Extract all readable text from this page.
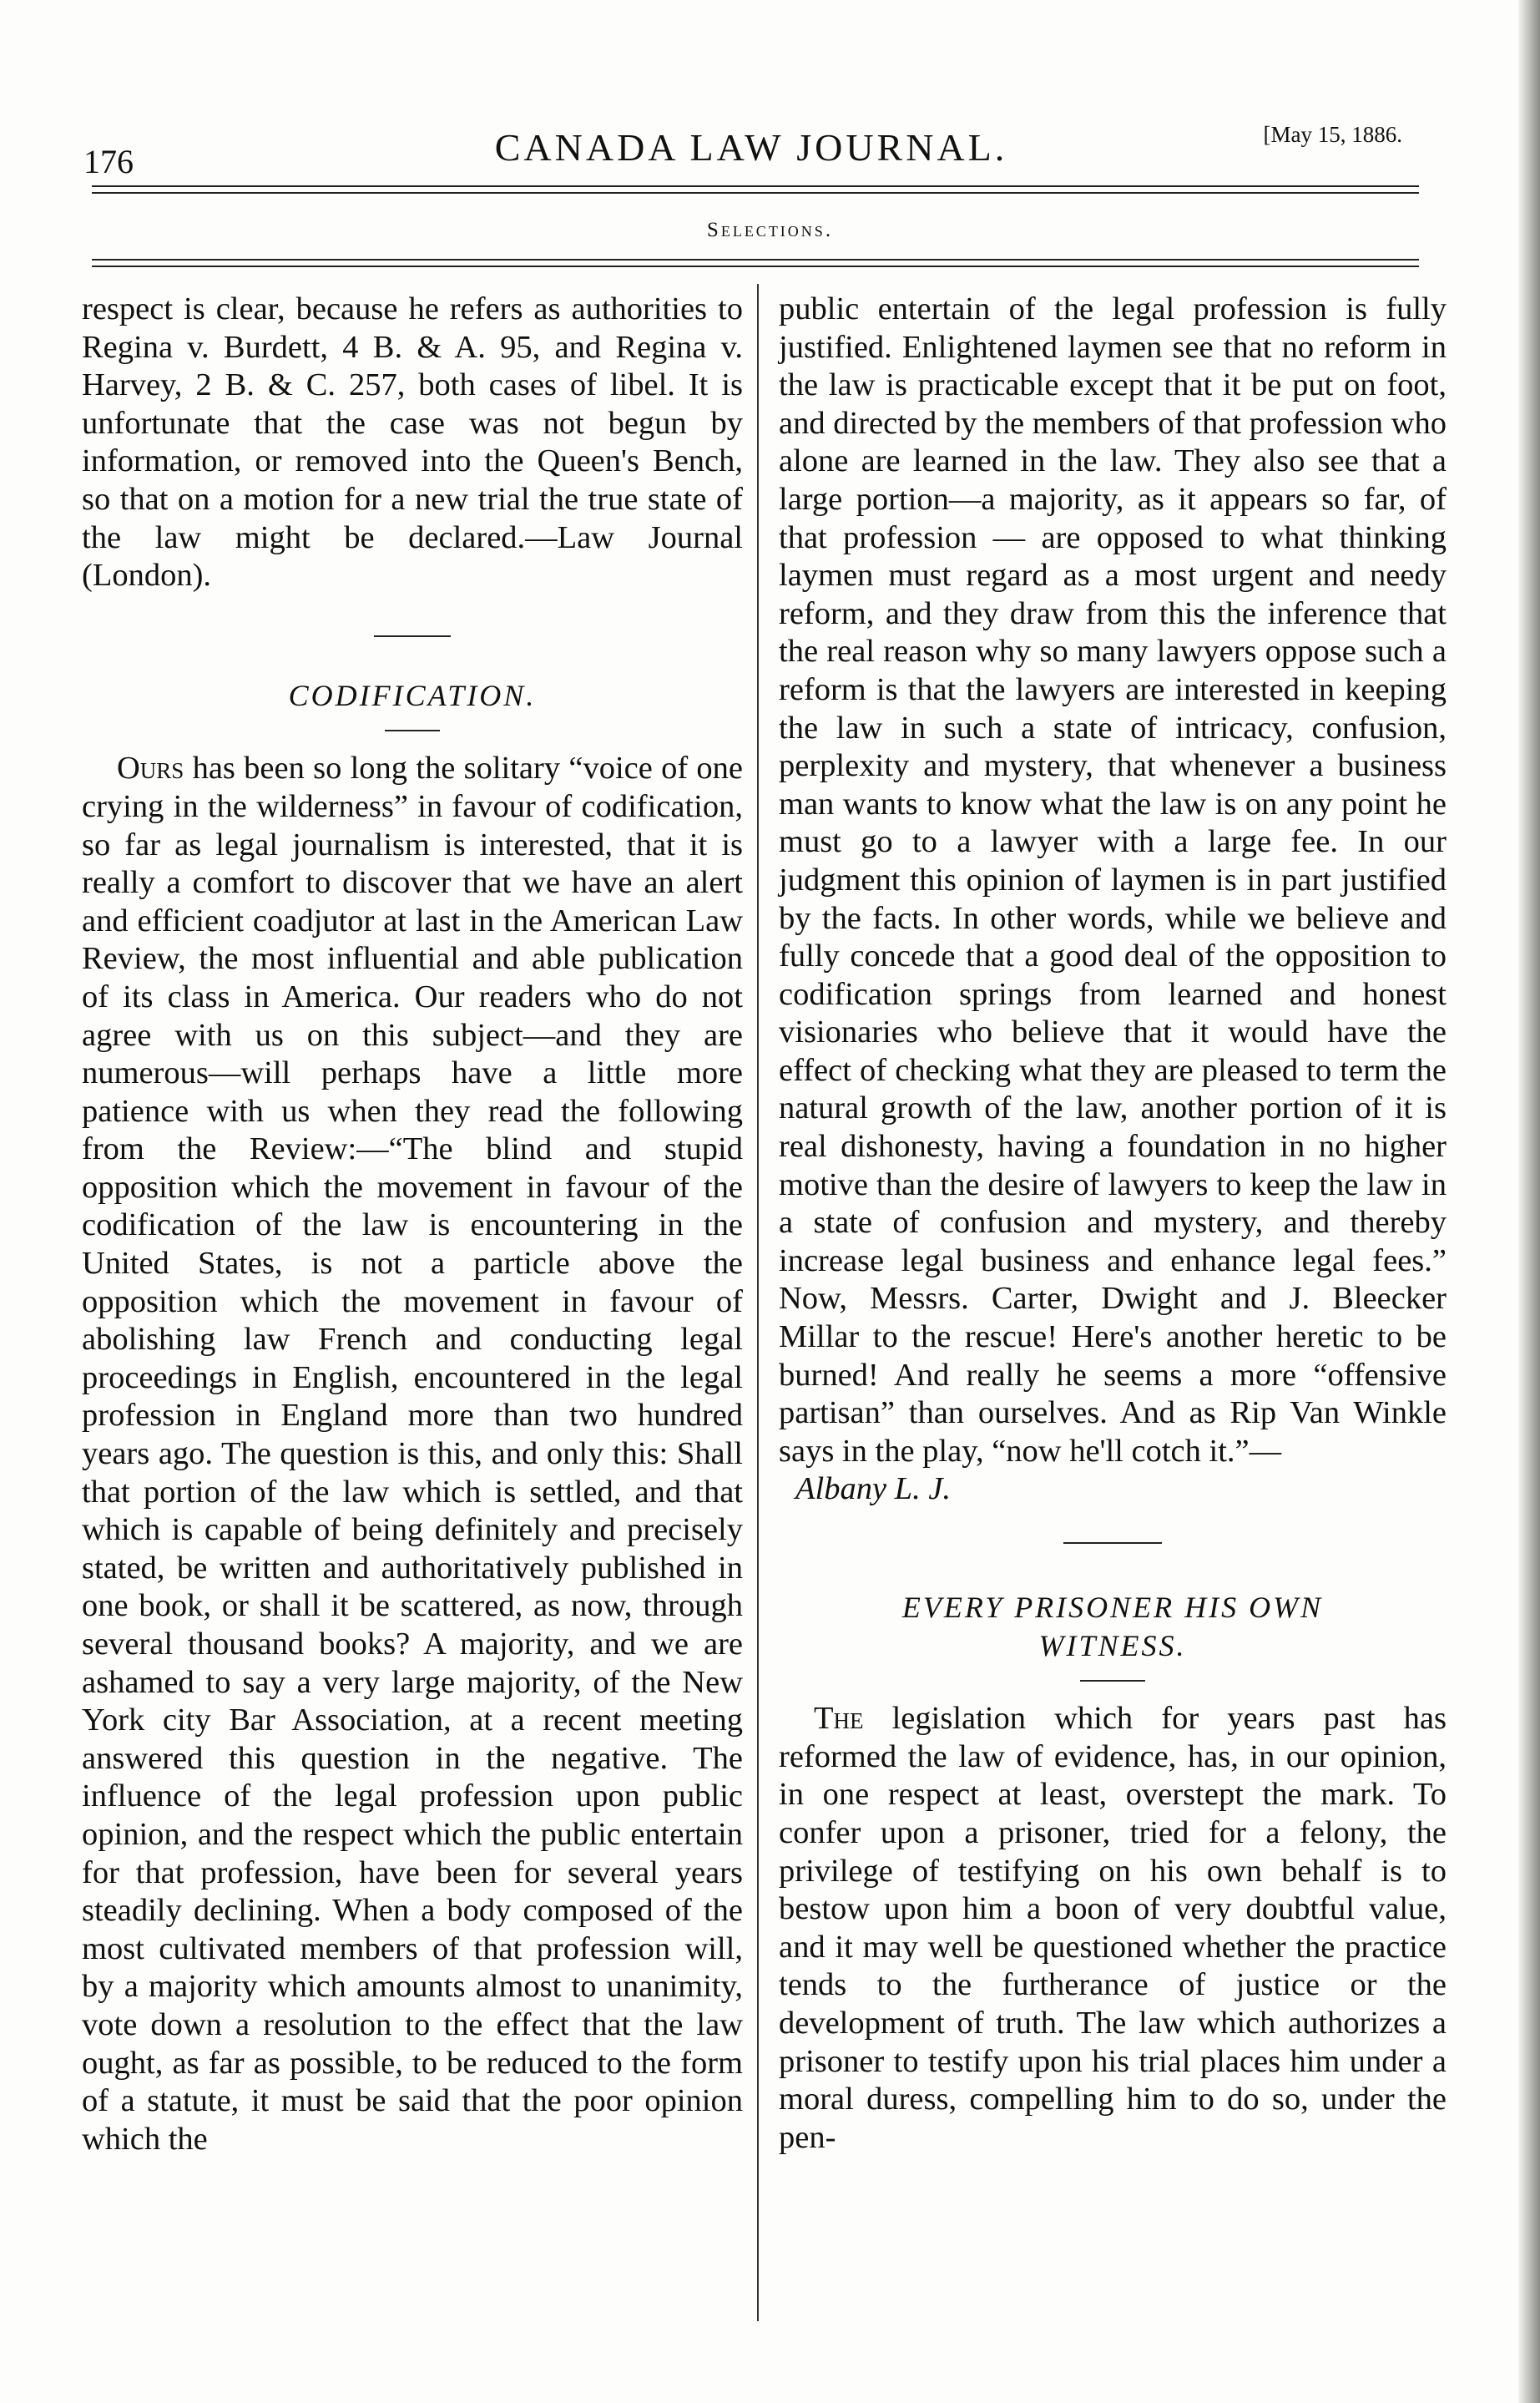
176	CANADA LAW JOURNAL.	[May 15, 1886.
Selections.

respect is clear, because he refers as authorities to Regina v. Burdett, 4 B. & A. 95, and Regina v. Harvey, 2 B. & C. 257, both cases of libel. It is unfortunate that the case was not begun by information, or removed into the Queen's Bench, so that on a motion for a new trial the true state of the law might be declared.—Law Journal (London).

CODIFICATION.

Ours has been so long the solitary “voice of one crying in the wilderness” in favour of codification, so far as legal journalism is interested, that it is really a comfort to discover that we have an alert and efficient coadjutor at last in the American Law Review, the most influential and able publication of its class in America. Our readers who do not agree with us on this subject—and they are numerous—will perhaps have a little more patience with us when they read the following from the Review:—“The blind and stupid opposition which the movement in favour of the codification of the law is encountering in the United States, is not a particle above the opposition which the movement in favour of abolishing law French and conducting legal proceedings in English, encountered in the legal profession in England more than two hundred years ago. The question is this, and only this: Shall that portion of the law which is settled, and that which is capable of being definitely and precisely stated, be written and authoritatively published in one book, or shall it be scattered, as now, through several thousand books? A majority, and we are ashamed to say a very large majority, of the New York city Bar Association, at a recent meeting answered this question in the negative. The influence of the legal profession upon public opinion, and the respect which the public entertain for that profession, have been for several years steadily declining. When a body composed of the most cultivated members of that profession will, by a majority which amounts almost to unanimity, vote down a resolution to the effect that the law ought, as far as possible, to be reduced to the form of a statute, it must be said that the poor opinion which the

public entertain of the legal profession is fully justified. Enlightened laymen see that no reform in the law is practicable except that it be put on foot, and directed by the members of that profession who alone are learned in the law. They also see that a large portion—a majority, as it appears so far, of that profession — are opposed to what thinking laymen must regard as a most urgent and needy reform, and they draw from this the inference that the real reason why so many lawyers oppose such a reform is that the lawyers are interested in keeping the law in such a state of intricacy, confusion, perplexity and mystery, that whenever a business man wants to know what the law is on any point he must go to a lawyer with a large fee. In our judgment this opinion of laymen is in part justified by the facts. In other words, while we believe and fully concede that a good deal of the opposition to codification springs from learned and honest visionaries who believe that it would have the effect of checking what they are pleased to term the natural growth of the law, another portion of it is real dishonesty, having a foundation in no higher motive than the desire of lawyers to keep the law in a state of confusion and mystery, and thereby increase legal business and enhance legal fees.” Now, Messrs. Carter, Dwight and J. Bleecker Millar to the rescue! Here's another heretic to be burned! And really he seems a more “offensive partisan” than ourselves. And as Rip Van Winkle says in the play, “now he'll cotch it.”—

Albany L. J.

EVERY PRISONER HIS OWN
WITNESS.

The legislation which for years past has reformed the law of evidence, has, in our opinion, in one respect at least, overstept the mark. To confer upon a prisoner, tried for a felony, the privilege of testifying on his own behalf is to bestow upon him a boon of very doubtful value, and it may well be questioned whether the practice tends to the furtherance of justice or the development of truth. The law which authorizes a prisoner to testify upon his trial places him under a moral duress, compelling him to do so, under the pen-
